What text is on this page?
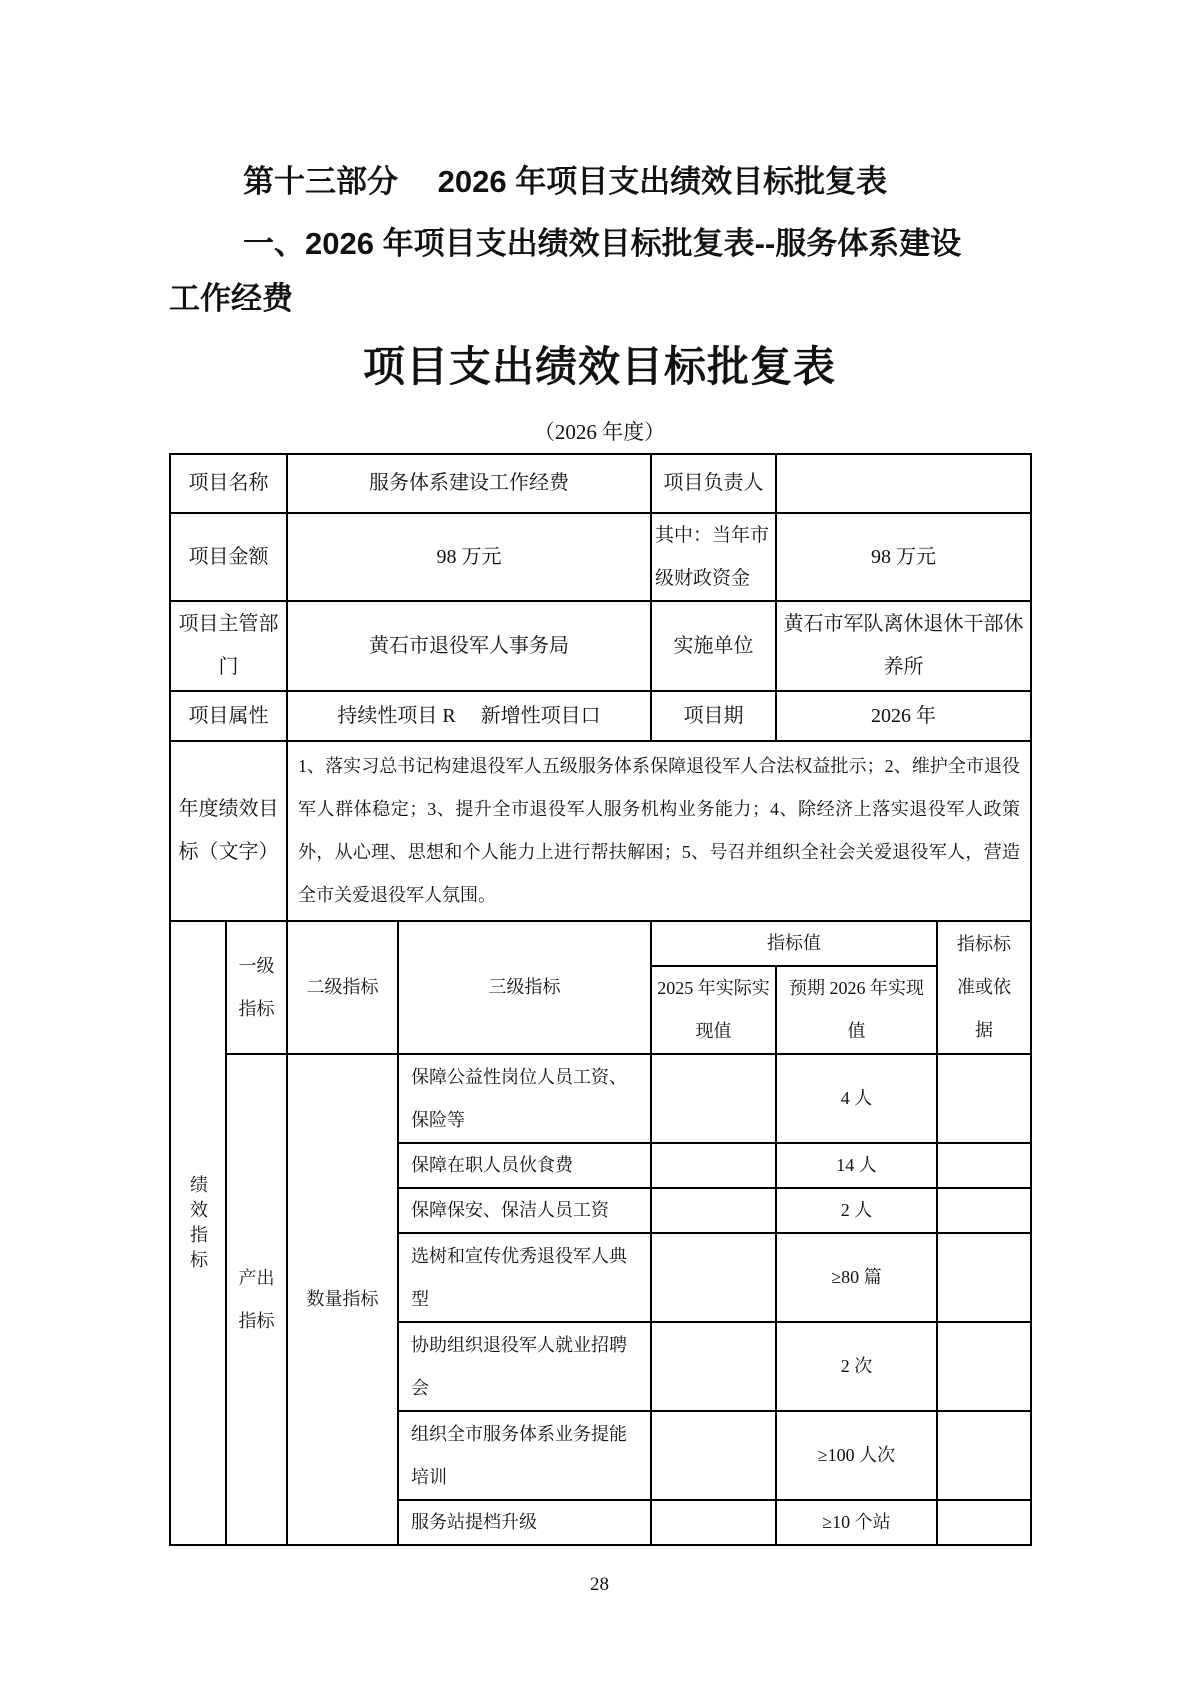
第十三部分　 2026 年项目支出绩效目标批复表
一、2026 年项目支出绩效目标批复表--服务体系建设工作经费
项目支出绩效目标批复表
（2026 年度）
项目名称	服务体系建设工作经费	项目负责人	
项目金额	98 万元	其中：当年市级财政资金	98 万元
项目主管部门	黄石市退役军人事务局	实施单位	黄石市军队离休退休干部休养所
项目属性	持续性项目 R　 新增性项目口	项目期	2026 年
年度绩效目标（文字）	1、落实习总书记构建退役军人五级服务体系保障退役军人合法权益批示；2、维护全市退役军人群体稳定；3、提升全市退役军人服务机构业务能力；4、除经济上落实退役军人政策外，从心理、思想和个人能力上进行帮扶解困；5、号召并组织全社会关爱退役军人，营造全市关爱退役军人氛围。		
绩效指标	一级指标	二级指标	三级指标	指标值		指标标准或依据
				2025 年实际实现值	预期 2026 年实现值	
	产出指标	数量指标	保障公益性岗位人员工资、保险等		4 人	
			保障在职人员伙食费		14 人	
			保障保安、保洁人员工资		2 人	
			选树和宣传优秀退役军人典型		≥80 篇	
			协助组织退役军人就业招聘会		2 次	
			组织全市服务体系业务提能培训		≥100 人次	
			服务站提档升级		≥10 个站	
28
